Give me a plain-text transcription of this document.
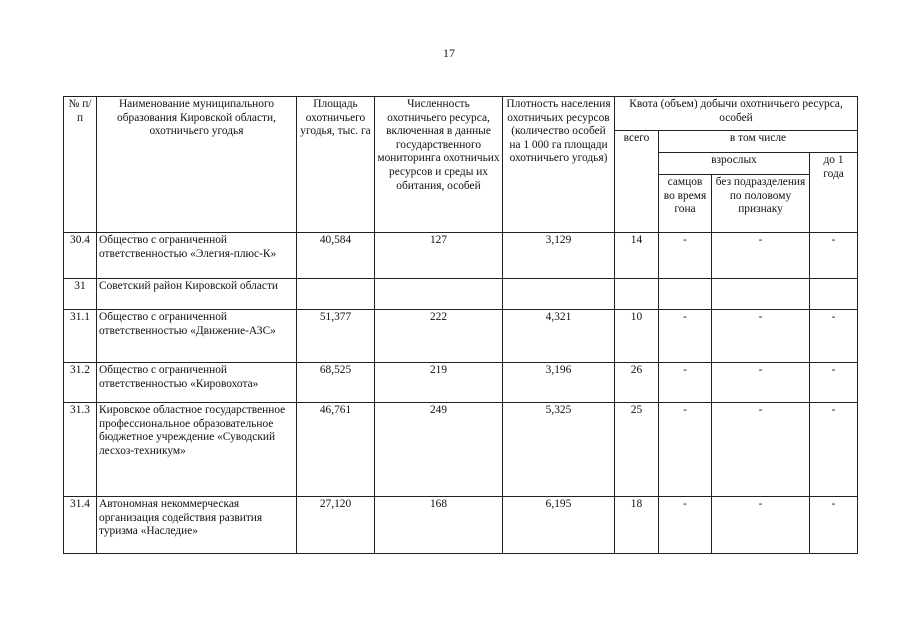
17
№ п/п	Наименование муниципального образования Кировской области, охотничьего угодья	Площадь охотничьего угодья, тыс. га	Численность охотничьего ресурса, включенная в данные государственного мониторинга охотничьих ресурсов и среды их обитания, особей	Плотность населения охотничьих ресурсов (количество особей на 1 000 га площади охотничьего угодья)	Квота (объем) добычи охотничьего ресурса, особей			
					всего	в том числе		
						взрослых		до 1 года
						самцов во время гона	без подразделения по половому признаку	
30.4	Общество с ограниченной ответственностью «Элегия-плюс-К»	40,584	127	3,129	14	-	-	-
31	Советский район Кировской области							
31.1	Общество с ограниченной ответственностью «Движение-АЗС»	51,377	222	4,321	10	-	-	-
31.2	Общество с ограниченной ответственностью «Кировохота»	68,525	219	3,196	26	-	-	-
31.3	Кировское областное государственное профессиональное образовательное бюджетное учреждение «Суводский лесхоз-техникум»	46,761	249	5,325	25	-	-	-
31.4	Автономная некоммерческая организация содействия развития туризма «Наследие»	27,120	168	6,195	18	-	-	-
